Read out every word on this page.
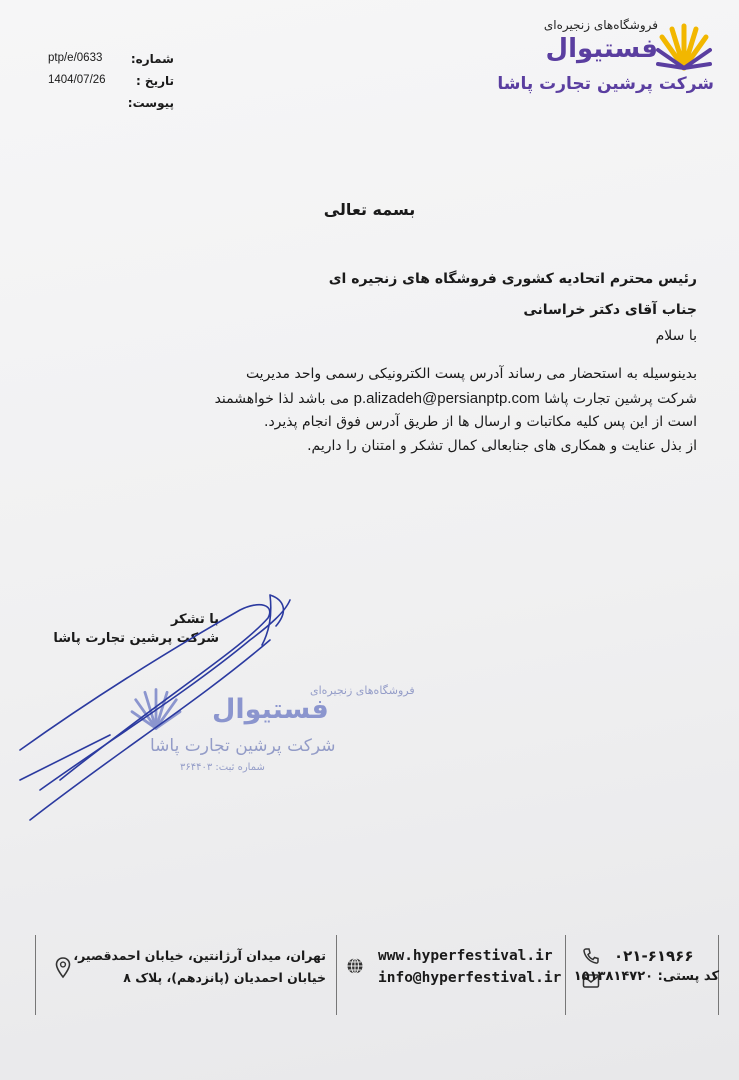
فروشگاه‌های زنجیره‌ای
فستیوال
شرکت پرشین تجارت پاشا
شماره:
ptp/e/0633
تاریخ :
1404/07/26
پیوست:
بسمه تعالی
رئیس محترم اتحادیه کشوری فروشگاه های زنجیره ای
جناب آقای دکتر خراسانی
با سلام
بدینوسیله به استحضار می رساند آدرس پست الکترونیکی رسمی واحد مدیریت
شرکت پرشین تجارت پاشا p.alizadeh@persianptp.com می باشد لذا خواهشمند
است از این پس کلیه مکاتبات و ارسال ها از طریق آدرس فوق انجام پذیرد.
از بذل عنایت و همکاری های جنابعالی کمال تشکر و امتنان را داریم.
با تشکر
شرکت پرشین تجارت پاشا
فروشگاه‌های زنجیره‌ای
فستیوال
شرکت پرشین تجارت پاشا
شماره ثبت: ۳۶۴۴۰۳
تهران، میدان آرژانتین، خیابان احمدقصیر،
خیابان احمدیان (پانزدهم)، پلاک ۸
www.hyperfestival.ir
info@hyperfestival.ir
۰۲۱-۶۱۹۶۶
کد پستی: ۱۵۱۳۸۱۴۷۲۰
